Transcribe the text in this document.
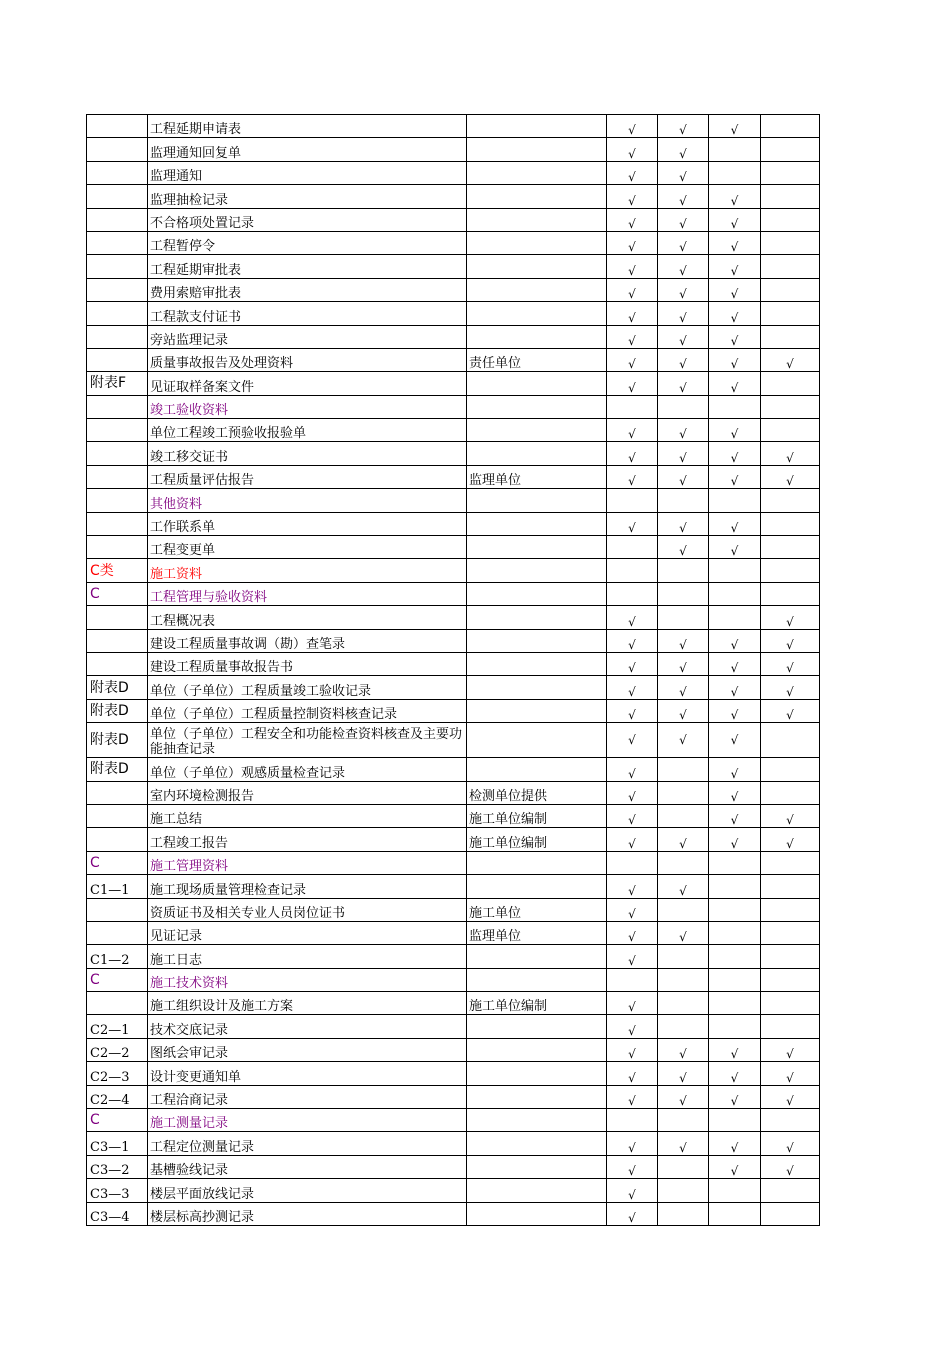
	工程延期申请表		√	√	√	
	监理通知回复单		√	√		
	监理通知		√	√		
	监理抽检记录		√	√	√	
	不合格项处置记录		√	√	√	
	工程暂停令		√	√	√	
	工程延期审批表		√	√	√	
	费用索赔审批表		√	√	√	
	工程款支付证书		√	√	√	
	旁站监理记录		√	√	√	
	质量事故报告及处理资料	责任单位	√	√	√	√
附表F	见证取样备案文件		√	√	√	
	竣工验收资料					
	单位工程竣工预验收报验单		√	√	√	
	竣工移交证书		√	√	√	√
	工程质量评估报告	监理单位	√	√	√	√
	其他资料					
	工作联系单		√	√	√	
	工程变更单			√	√	
C类	施工资料					
C	工程管理与验收资料					
	工程概况表		√			√
	建设工程质量事故调（勘）查笔录		√	√	√	√
	建设工程质量事故报告书		√	√	√	√
附表D	单位（子单位）工程质量竣工验收记录		√	√	√	√
附表D	单位（子单位）工程质量控制资料核查记录		√	√	√	√
附表D	单位（子单位）工程安全和功能检查资料核查及主要功能抽查记录		√	√	√	
附表D	单位（子单位）观感质量检查记录		√		√	
	室内环境检测报告	检测单位提供	√		√	
	施工总结	施工单位编制	√		√	√
	工程竣工报告	施工单位编制	√	√	√	√
C	施工管理资料					
C1—1	施工现场质量管理检查记录		√	√		
	资质证书及相关专业人员岗位证书	施工单位	√			
	见证记录	监理单位	√	√		
C1—2	施工日志		√			
C	施工技术资料					
	施工组织设计及施工方案	施工单位编制	√			
C2—1	技术交底记录		√			
C2—2	图纸会审记录		√	√	√	√
C2—3	设计变更通知单		√	√	√	√
C2—4	工程洽商记录		√	√	√	√
C	施工测量记录					
C3—1	工程定位测量记录		√	√	√	√
C3—2	基槽验线记录		√		√	√
C3—3	楼层平面放线记录		√			
C3—4	楼层标高抄测记录		√			
